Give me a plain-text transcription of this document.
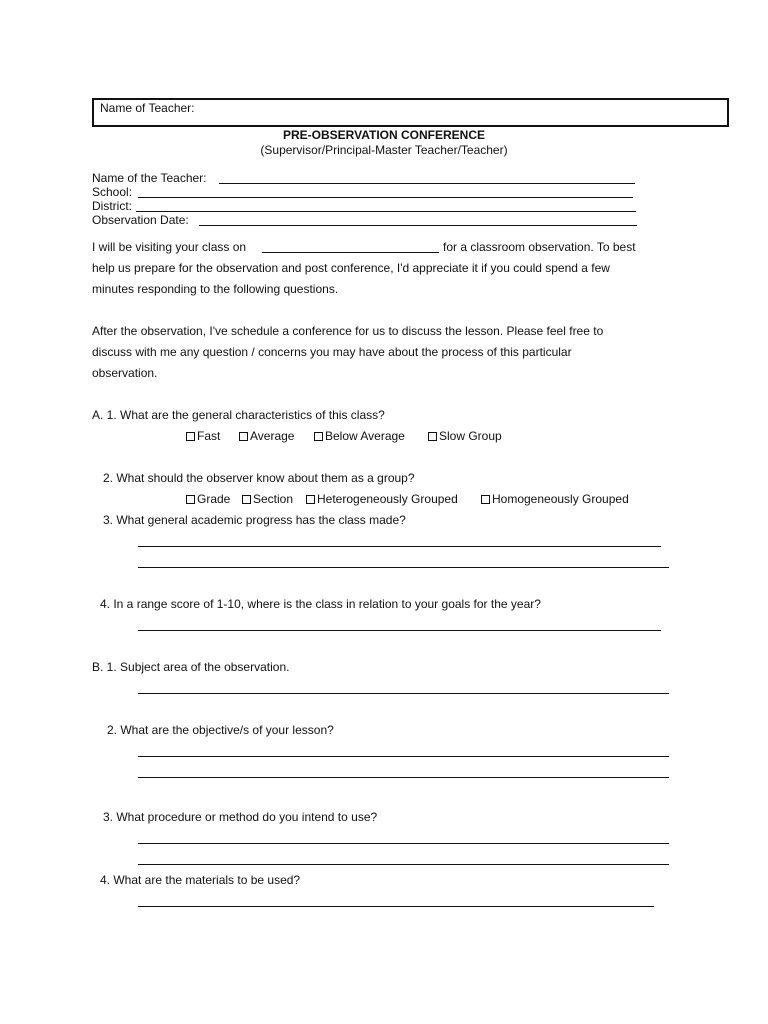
Name of Teacher:
PRE-OBSERVATION CONFERENCE
(Supervisor/Principal-Master Teacher/Teacher)
Name of the Teacher:
School:
District:
Observation Date:
I will be visiting your class on	for a classroom observation. To best
help us prepare for the observation and post conference, I'd appreciate it if you could spend a few
minutes responding to the following questions.
After the observation, I've schedule a conference for us to discuss the lesson. Please feel free to
discuss with me any question / concerns you may have about the process of this particular
observation.
A. 1. What are the general characteristics of this class?
Fast	Average	Below Average	Slow Group
2. What should the observer know about them as a group?
Grade	Section	Heterogeneously Grouped	Homogeneously Grouped
3. What general academic progress has the class made?
4. In a range score of 1-10, where is the class in relation to your goals for the year?
B. 1. Subject area of the observation.
2. What are the objective/s of your lesson?
3. What procedure or method do you intend to use?
4. What are the materials to be used?
